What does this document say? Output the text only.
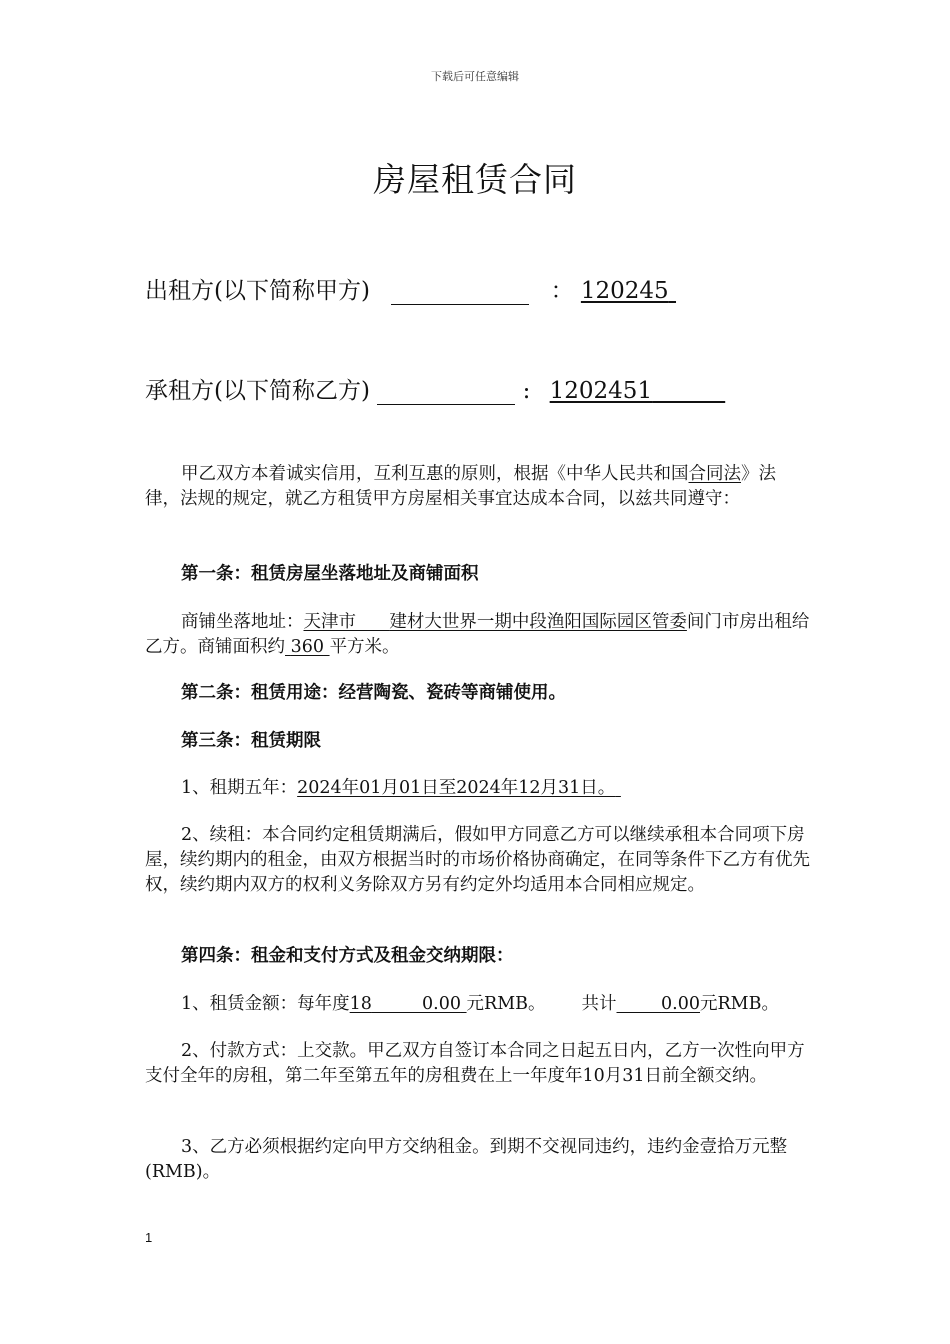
下载后可任意编辑
房屋租赁合同
出租方(以下简称甲方)	： 120245
承租方(以下简称乙方)	: 1202451

甲乙双方本着诚实信用，互利互惠的原则，根据《中华人民共和国合同法》法律，法规的规定，就乙方租赁甲方房屋相关事宜达成本合同，以兹共同遵守：

第一条：租赁房屋坐落地址及商铺面积

商铺坐落地址：天津市 建材大世界一期中段渔阳国际园区管委间门市房出租给乙方。商铺面积约 360 平方米。

第二条：租赁用途：经营陶瓷、瓷砖等商铺使用。

第三条：租赁期限

1、租期五年：2024年01月01日至2024年12月31日。

2、续租：本合同约定租赁期满后，假如甲方同意乙方可以继续承租本合同项下房屋，续约期内的租金，由双方根据当时的市场价格协商确定，在同等条件下乙方有优先权，续约期内双方的权利义务除双方另有约定外均适用本合同相应规定。

第四条：租金和支付方式及租金交纳期限：

1、租赁金额：每年度18	0.00 元RMB。 共计	0.00元RMB。

2、付款方式：上交款。甲乙双方自签订本合同之日起五日内，乙方一次性向甲方支付全年的房租，第二年至第五年的房租费在上一年度年10月31日前全额交纳。

3、乙方必须根据约定向甲方交纳租金。到期不交视同违约，违约金壹拾万元整(RMB)。

1
